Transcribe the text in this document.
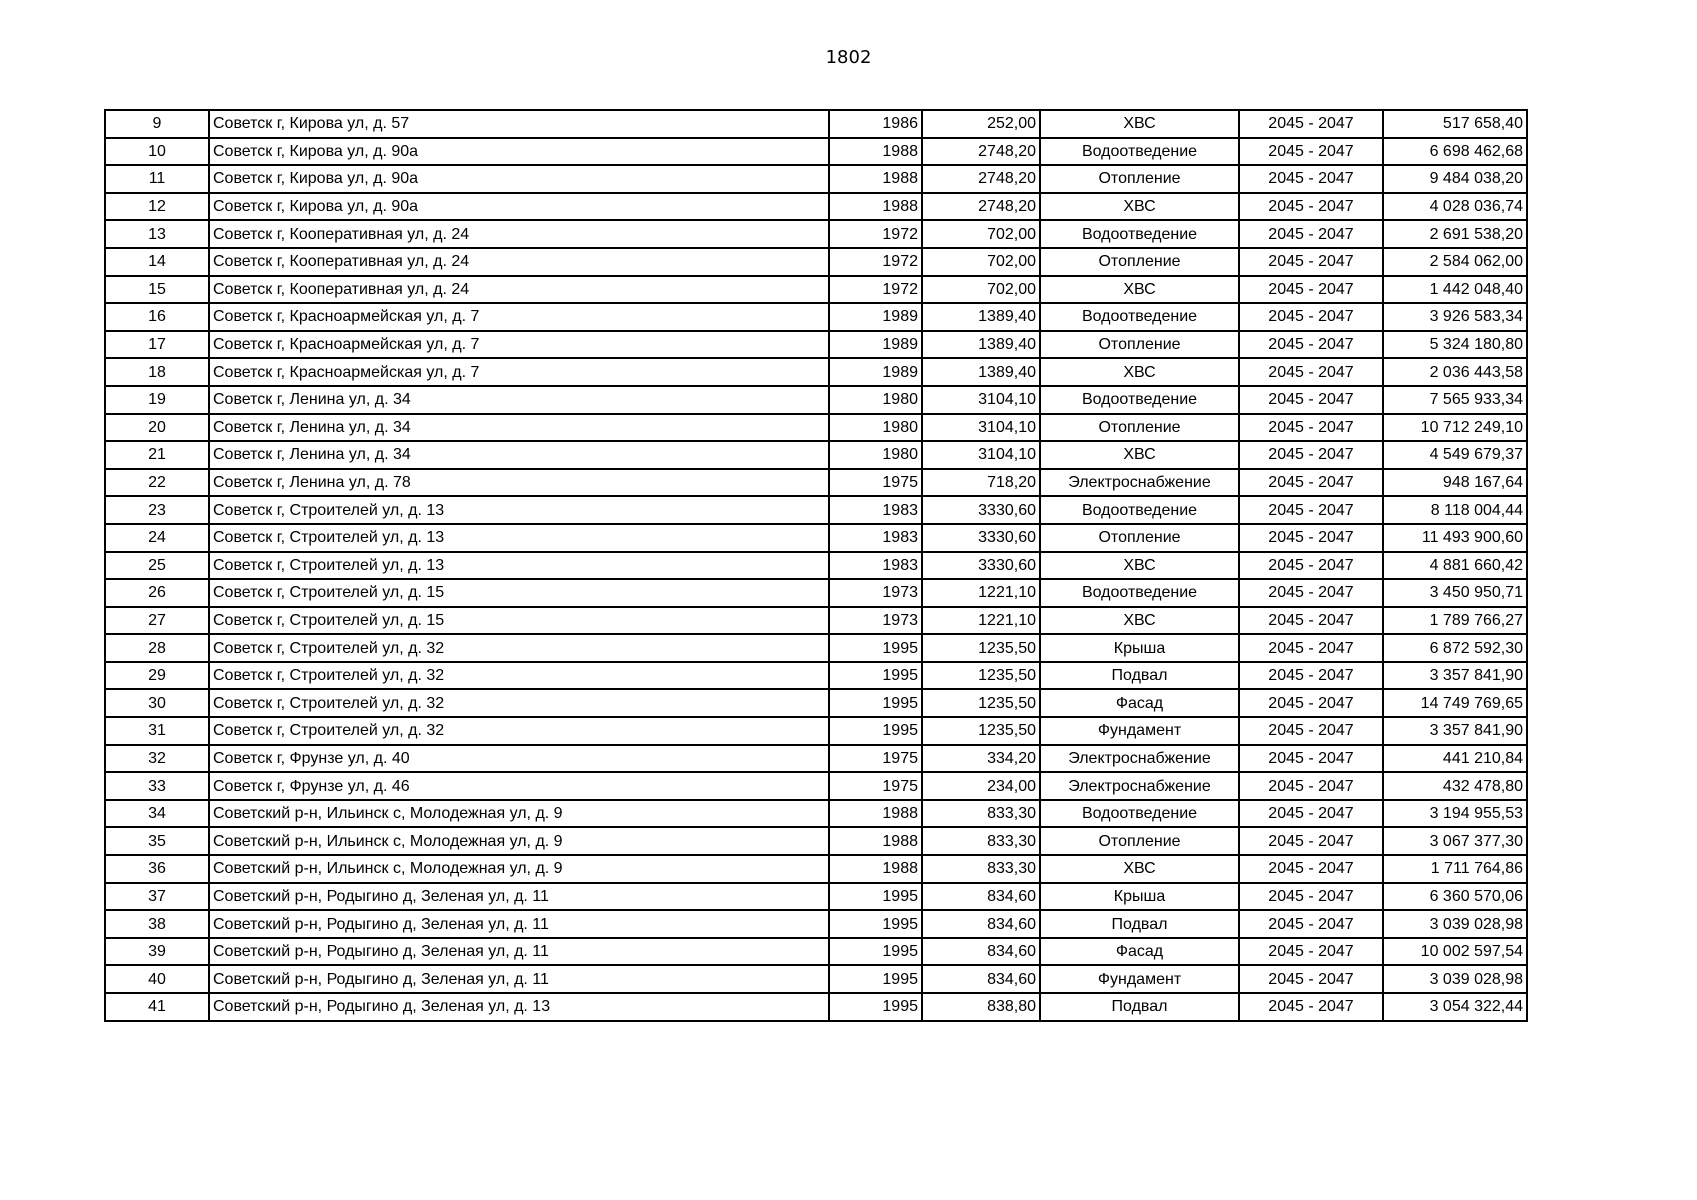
1802
9	Советск г, Кирова ул, д. 57	1986	252,00	ХВС	2045 - 2047	517 658,40
10	Советск г, Кирова ул, д. 90а	1988	2748,20	Водоотведение	2045 - 2047	6 698 462,68
11	Советск г, Кирова ул, д. 90а	1988	2748,20	Отопление	2045 - 2047	9 484 038,20
12	Советск г, Кирова ул, д. 90а	1988	2748,20	ХВС	2045 - 2047	4 028 036,74
13	Советск г, Кооперативная ул, д. 24	1972	702,00	Водоотведение	2045 - 2047	2 691 538,20
14	Советск г, Кооперативная ул, д. 24	1972	702,00	Отопление	2045 - 2047	2 584 062,00
15	Советск г, Кооперативная ул, д. 24	1972	702,00	ХВС	2045 - 2047	1 442 048,40
16	Советск г, Красноармейская ул, д. 7	1989	1389,40	Водоотведение	2045 - 2047	3 926 583,34
17	Советск г, Красноармейская ул, д. 7	1989	1389,40	Отопление	2045 - 2047	5 324 180,80
18	Советск г, Красноармейская ул, д. 7	1989	1389,40	ХВС	2045 - 2047	2 036 443,58
19	Советск г, Ленина ул, д. 34	1980	3104,10	Водоотведение	2045 - 2047	7 565 933,34
20	Советск г, Ленина ул, д. 34	1980	3104,10	Отопление	2045 - 2047	10 712 249,10
21	Советск г, Ленина ул, д. 34	1980	3104,10	ХВС	2045 - 2047	4 549 679,37
22	Советск г, Ленина ул, д. 78	1975	718,20	Электроснабжение	2045 - 2047	948 167,64
23	Советск г, Строителей ул, д. 13	1983	3330,60	Водоотведение	2045 - 2047	8 118 004,44
24	Советск г, Строителей ул, д. 13	1983	3330,60	Отопление	2045 - 2047	11 493 900,60
25	Советск г, Строителей ул, д. 13	1983	3330,60	ХВС	2045 - 2047	4 881 660,42
26	Советск г, Строителей ул, д. 15	1973	1221,10	Водоотведение	2045 - 2047	3 450 950,71
27	Советск г, Строителей ул, д. 15	1973	1221,10	ХВС	2045 - 2047	1 789 766,27
28	Советск г, Строителей ул, д. 32	1995	1235,50	Крыша	2045 - 2047	6 872 592,30
29	Советск г, Строителей ул, д. 32	1995	1235,50	Подвал	2045 - 2047	3 357 841,90
30	Советск г, Строителей ул, д. 32	1995	1235,50	Фасад	2045 - 2047	14 749 769,65
31	Советск г, Строителей ул, д. 32	1995	1235,50	Фундамент	2045 - 2047	3 357 841,90
32	Советск г, Фрунзе ул, д. 40	1975	334,20	Электроснабжение	2045 - 2047	441 210,84
33	Советск г, Фрунзе ул, д. 46	1975	234,00	Электроснабжение	2045 - 2047	432 478,80
34	Советский р-н, Ильинск с, Молодежная ул, д. 9	1988	833,30	Водоотведение	2045 - 2047	3 194 955,53
35	Советский р-н, Ильинск с, Молодежная ул, д. 9	1988	833,30	Отопление	2045 - 2047	3 067 377,30
36	Советский р-н, Ильинск с, Молодежная ул, д. 9	1988	833,30	ХВС	2045 - 2047	1 711 764,86
37	Советский р-н, Родыгино д, Зеленая ул, д. 11	1995	834,60	Крыша	2045 - 2047	6 360 570,06
38	Советский р-н, Родыгино д, Зеленая ул, д. 11	1995	834,60	Подвал	2045 - 2047	3 039 028,98
39	Советский р-н, Родыгино д, Зеленая ул, д. 11	1995	834,60	Фасад	2045 - 2047	10 002 597,54
40	Советский р-н, Родыгино д, Зеленая ул, д. 11	1995	834,60	Фундамент	2045 - 2047	3 039 028,98
41	Советский р-н, Родыгино д, Зеленая ул, д. 13	1995	838,80	Подвал	2045 - 2047	3 054 322,44
